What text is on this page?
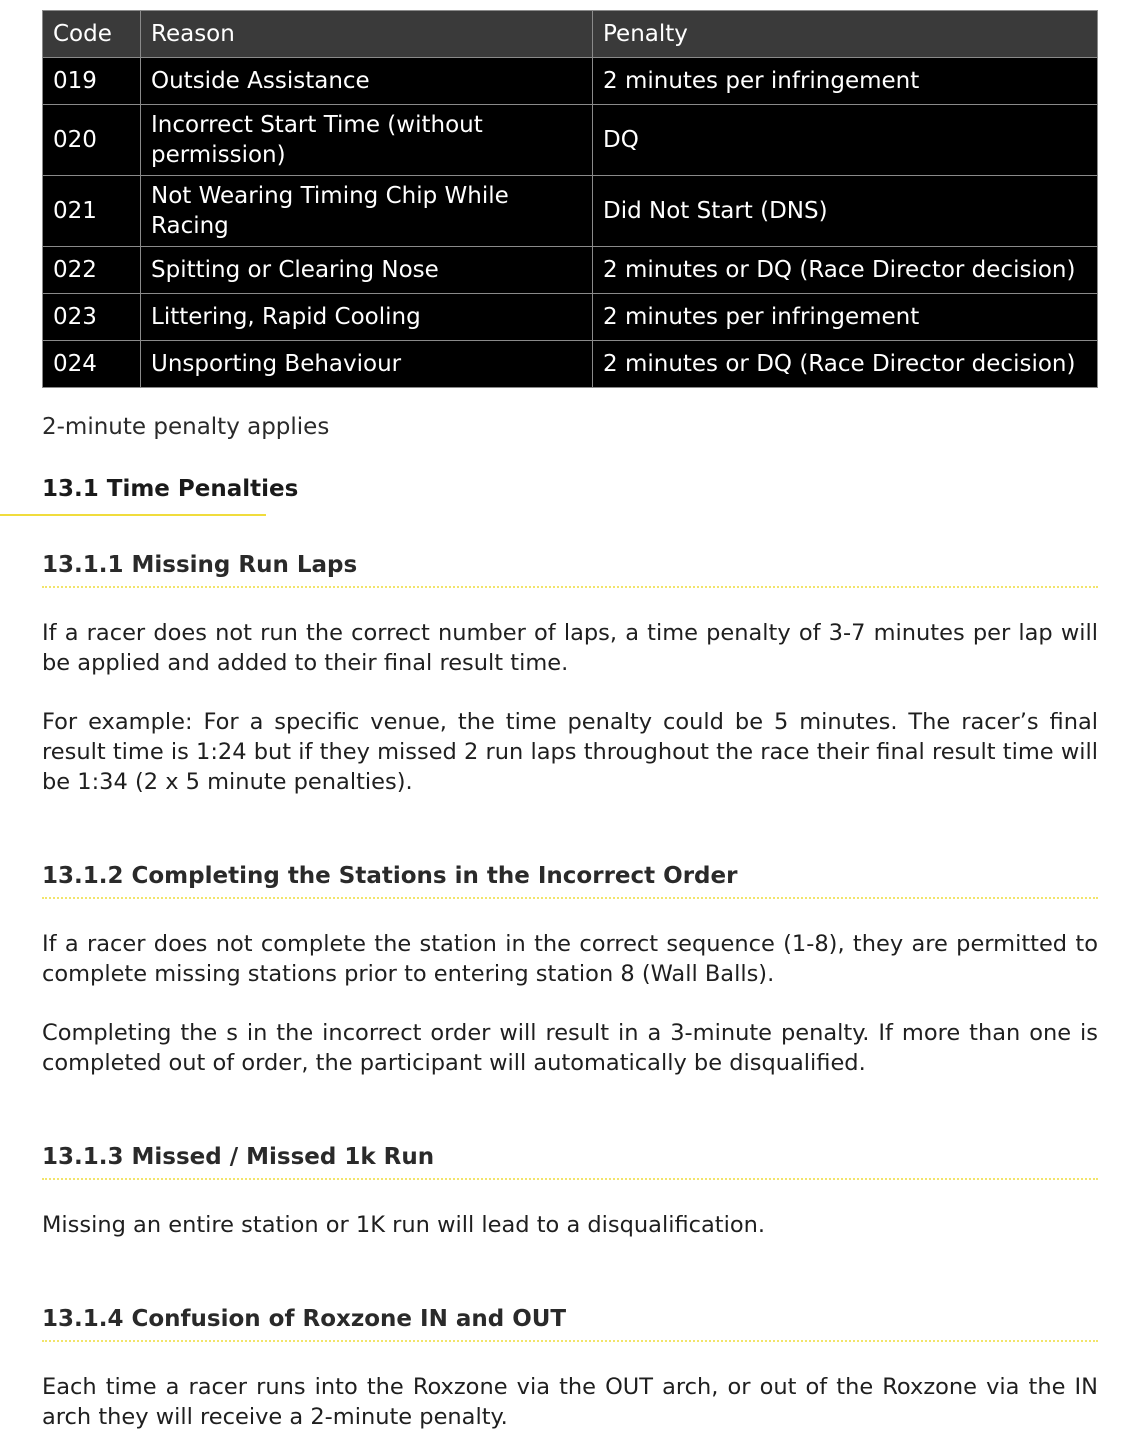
Code	Reason	Penalty
019	Outside Assistance	2 minutes per infringement
020	Incorrect Start Time (without permission)	DQ
021	Not Wearing Timing Chip While Racing	Did Not Start (DNS)
022	Spitting or Clearing Nose	2 minutes or DQ (Race Director decision)
023	Littering, Rapid Cooling	2 minutes per infringement
024	Unsporting Behaviour	2 minutes or DQ (Race Director decision)
2-minute penalty applies
13.1 Time Penalties
13.1.1 Missing Run Laps
If a racer does not run the correct number of laps, a time penalty of 3-7 minutes per lap will be applied and added to their final result time.
For example: For a specific venue, the time penalty could be 5 minutes. The racer’s final result time is 1:24 but if they missed 2 run laps throughout the race their final result time will be 1:34 (2 x 5 minute penalties).
13.1.2 Completing the Stations in the Incorrect Order
If a racer does not complete the station in the correct sequence (1-8), they are permitted to complete missing stations prior to entering station 8 (Wall Balls).
Completing the s in the incorrect order will result in a 3-minute penalty. If more than one is completed out of order, the participant will automatically be disqualified.
13.1.3 Missed / Missed 1k Run
Missing an entire station or 1K run will lead to a disqualification.
13.1.4 Confusion of Roxzone IN and OUT
Each time a racer runs into the Roxzone via the OUT arch, or out of the Roxzone via the IN arch they will receive a 2-minute penalty.
